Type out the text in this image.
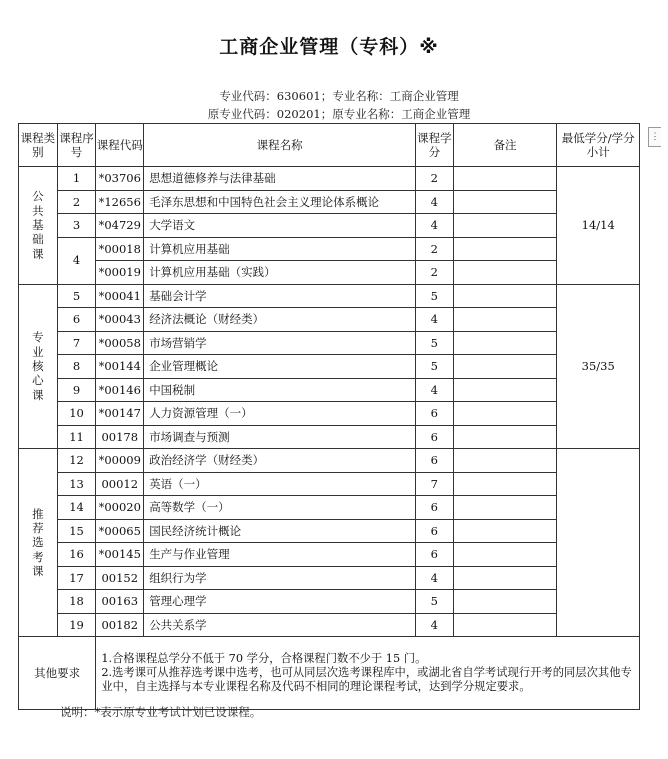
工商企业管理（专科）※
专业代码：630601；专业名称：工商企业管理
原专业代码：020201；原专业名称：工商企业管理
⋮
课程类别	课程序号	课程代码	课程名称	课程学分	备注	最低学分/学分小计
公共基础课	1	*03706	思想道德修养与法律基础	2		14/14
	2	*12656	毛泽东思想和中国特色社会主义理论体系概论	4		
	3	*04729	大学语文	4		
	4	*00018	计算机应用基础	2		
		*00019	计算机应用基础（实践）	2		
专业核心课	5	*00041	基础会计学	5		35/35
	6	*00043	经济法概论（财经类）	4		
	7	*00058	市场营销学	5		
	8	*00144	企业管理概论	5		
	9	*00146	中国税制	4		
	10	*00147	人力资源管理（一）	6		
	11	00178	市场调查与预测	6		
推荐选考课	12	*00009	政治经济学（财经类）	6		
	13	00012	英语（一）	7		
	14	*00020	高等数学（一）	6		
	15	*00065	国民经济统计概论	6		
	16	*00145	生产与作业管理	6		
	17	00152	组织行为学	4		
	18	00163	管理心理学	5		
	19	00182	公共关系学	4		
其他要求		1.合格课程总学分不低于 70 学分，合格课程门数不少于 15 门。
2.选考课可从推荐选考课中选考，也可从同层次选考课程库中，或湖北省自学考试现行开考的同层次其他专业中，自主选择与本专业课程名称及代码不相同的理论课程考试，达到学分规定要求。				
说明：*表示原专业考试计划已设课程。
